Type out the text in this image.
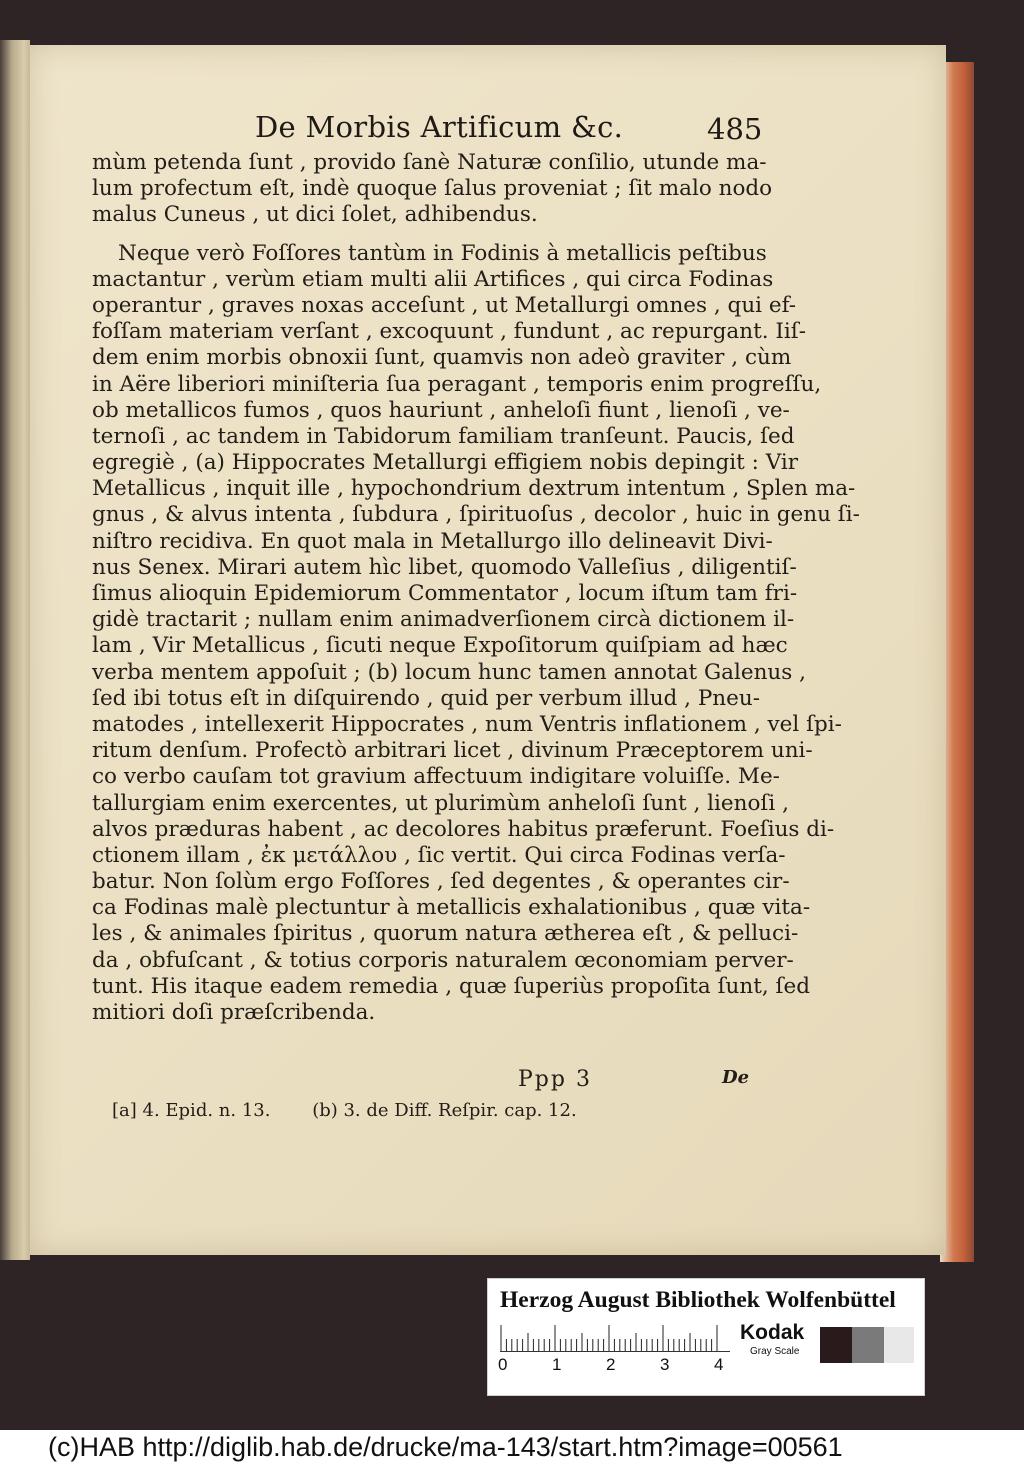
De Morbis Artificum &c.	485
mùm petenda ſunt , provido ſanè Naturæ conſilio, utunde ma-
lum profectum eſt, indè quoque ſalus proveniat ; ſit malo nodo
malus Cuneus , ut dici ſolet, adhibendus.
Neque verò Foſſores tantùm in Fodinis à metallicis peſtibus
mactantur , verùm etiam multi alii Artifices , qui circa Fodinas
operantur , graves noxas acceſunt , ut Metallurgi omnes , qui ef-
foſſam materiam verſant , excoquunt , fundunt , ac repurgant. Iiſ-
dem enim morbis obnoxii ſunt, quamvis non adeò graviter , cùm
in Aëre liberiori miniſteria ſua peragant , temporis enim progreſſu,
ob metallicos fumos , quos hauriunt , anheloſi fiunt , lienoſi , ve-
ternoſi , ac tandem in Tabidorum familiam tranſeunt. Paucis, ſed
egregiè , (a) Hippocrates Metallurgi effigiem nobis depingit : Vir
Metallicus , inquit ille , hypochondrium dextrum intentum , Splen ma-
gnus , & alvus intenta , ſubdura , ſpirituoſus , decolor , huic in genu ſi-
niſtro recidiva. En quot mala in Metallurgo illo delineavit Divi-
nus Senex. Mirari autem hìc libet, quomodo Valleſius , diligentiſ-
ſimus alioquin Epidemiorum Commentator , locum iſtum tam fri-
gidè tractarit ; nullam enim animadverſionem circà dictionem il-
lam , Vir Metallicus , ſicuti neque Expoſitorum quiſpiam ad hæc
verba mentem appoſuit ; (b) locum hunc tamen annotat Galenus ,
ſed ibi totus eſt in diſquirendo , quid per verbum illud , Pneu-
matodes , intellexerit Hippocrates , num Ventris inflationem , vel ſpi-
ritum denſum. Profectò arbitrari licet , divinum Præceptorem uni-
co verbo cauſam tot gravium affectuum indigitare voluiſſe. Me-
tallurgiam enim exercentes, ut plurimùm anheloſi ſunt , lienoſi ,
alvos præduras habent , ac decolores habitus præferunt. Foeſius di-
ctionem illam , ἐκ μετάλλου , ſic vertit. Qui circa Fodinas verſa-
batur. Non ſolùm ergo Foſſores , ſed degentes , & operantes cir-
ca Fodinas malè plectuntur à metallicis exhalationibus , quæ vita-
les , & animales ſpiritus , quorum natura ætherea eſt , & pelluci-
da , obfuſcant , & totius corporis naturalem œconomiam perver-
tunt. His itaque eadem remedia , quæ ſuperiùs propoſita ſunt, ſed
mitiori doſi præſcribenda.
Ppp 3	De
[a] 4. Epid. n. 13. (b) 3. de Diff. Reſpir. cap. 12.
Herzog August Bibliothek Wolfenbüttel
0	1	2	3	4
Kodak
Gray Scale
(c)HAB http://diglib.hab.de/drucke/ma-143/start.htm?image=00561
